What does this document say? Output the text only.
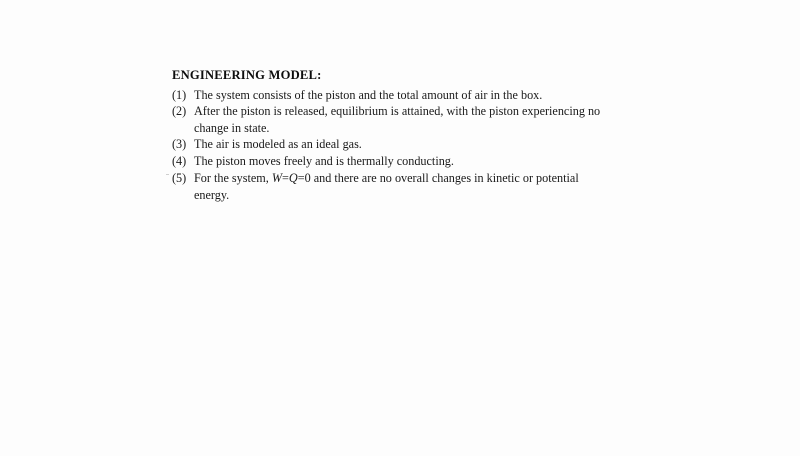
ENGINEERING MODEL:
(1) The system consists of the piston and the total amount of air in the box.
(2) After the piston is released, equilibrium is attained, with the piston experiencing no
change in state.
(3) The air is modeled as an ideal gas.
(4) The piston moves freely and is thermally conducting.
(5) For the system, W=Q=0 and there are no overall changes in kinetic or potential
energy.
